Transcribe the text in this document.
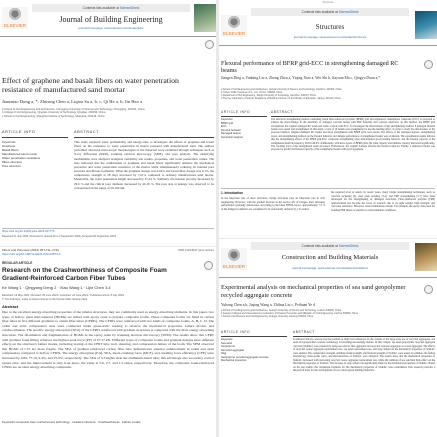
ELSEVIER
Contents lists available at ScienceDirect
Journal of Building Engineering
journal homepage: www.elsevier.com/locate/jobe
Effect of graphene and basalt fibers on water penetration resistance of manufactured sand mortar
Jianmiao Dong a, *, Zhirong Chen a, Liqiao Su a, b, c, Qi He a, b, Jin Hao a
a School of Civil Engineering and Architecture, Chongqing University of Science and Technology, Chongqing, 401331, China
b College of Civil Engineering, Qingdao University of Technology, Qingdao, 266033, China
c School of Civil Engineering, Shanghai Institute of Technology, Shanghai, 201418, China
ARTICLE INFO	ABSTRACT
Keywords:
Graphene
Basalt fibers
Manufactured sand mortar
Water penetration resistance
Micro-structure
Pore structure
This study explored water permeability and energy-ratio to investigate the effects of graphene and basalt fibers on the resistance to water penetration in mortar prepared with manufactured sand. The authors performed structural microscopic morphologies of the materials were examined through techniques such as X-ray diffraction (XRD), scanning electron microscopy (SEM), and pore analysis. The underlying mechanisms were analyzed alongside variability test results, properties, and water penetration values. The tests indicated that the combination of graphene and basalt fibers significantly enhance the mechanical properties and water penetration resistance of the mortar while simultaneously reducing its internal pore structure and fibrous formation. When the graphene dosage was 0.04% and basalt fiber dosage was 0.1%, the compressive strength at 28 days increased by 7.61% compared to ordinary manufactured sand mortar. Meanwhile, the water penetration height decreased by 37.24 %. Similarly, the internal porosity decreased by 29.6 % and the critical pore diameter decreased by 46.19 %. The pore size at leakage was observed to be concentrated in the range of 50-100 nm.
https://doi.org/10.1016/j.jobe.2023.107775
Received 21 July 2023; Received in revised form 3 September 2023; Accepted 20 September 2023
Fibers and Polymers (2024) 25:1711–1720
https://doi.org/10.1007/s12221-024-00574-4
ISSN 1229-9197 (print version)
REGULAR ARTICLE
Research on the Crashworthiness of Composite Foam Gradient-Reinforced Carbon Fiber Tubes
Ke Wang 1 · Qingyang Deng 2 · Xiao Wang 1 · Lijie Chen 3,4
Received: 16 May 2024 / Revised: 25 June 2024 / Accepted: 22 June 2024 / Published online: 8 July 2024
© The Author(s), under exclusive licence to the Korean Fiber Society 2024
Abstract
Due to the excellent energy-absorbing properties of the tubular structures, they are commonly used as energy-absorbing elements. In this paper, two types of hollow glass microspheres (HGMs) are mixed with epoxy resin to prepare composite foams. These composite foams are filled in carbon fiber tubes in five different gradients to obtain fiber tubes (CFRTs). The CFRTs were reinforced with two kinds of composite foams, A, B, C, D. The radial and axial compression tests were conducted under quasi-static loading to observe the mechanical properties, failure modes, and crashworthiness. The specific energy absorption (SEA) of the CFRTs reinforced with gradient structures is compared with the most energy-absorbing structures. The distribution and fragmentation of HGMs in the epoxy resin by scanning electron microscopy (SEM). The results show that CFRT with gradient foam filling achieves the highest peak force (PF) of 67.37 kN. Different types of composite foams and gradient designs have different effects on the structure's failure modes, including tearing of the CFRT tube wall, shearing, and compression failure of the foam. The SEM observed that HGMs of C15 are more fragile. The SEA of gradient reinforced carbon fiber tube demonstrates superior enhancement in radial and axial compression compared to hollow CFRTs. The energy absorption (EA), SEA, mean crushing force (MCF), and crushing force efficiency (CFE) were increased by 9.69, 77.19, 9.4%, and 25.9%, respectively. The SEA of 3.3 higher than the aluminum-metal tube; this advantage also secondary control square tube, and the improvement is only 0.4x more, the value is 5.6, 2.7, and 1.5 times, respectively. Therefore, the composite foam-reinforced CFRTs are an ideal energy-absorbing component.
Keywords Composite foam reinforcement technology · Gradient structure · Crashworthiness · Failure modes
Structures
ELSEVIER
Contents lists available at ScienceDirect
Structures
journal homepage: www.elsevier.com/locate/structures
Flexural performance of BFRP grid-ECC in strengthening damaged RC beams
Jiangen Ding a, Yanbing Liu a, Zheng Zhou a, Yiqing Xiao a, Wei Shi b, Jiayuan Ma c, Qingyu Duan a,*
a School of Civil Engineering and Architecture, Jiangxi University of Science and Technology, Ganzhou, 341000, China
b Yichun Traffic Investment Co., Ltd., Yichun, 336000, China
c Department of Civil Engineering, Jiangxi University of Technology, Ganzhou, 330013, China
d The Key Laboratory of Seismic Resistance of Building Structure of the Ministry of Education, Jiangxi, 341000, China
ARTICLE INFO	ABSTRACT
Keywords:
BFRP grid
ECC
Flexural behavior
Damaged beams
Numerical analysis
The structural strengthening method combining basalt fiber-reinforced polymer (BFRP) grid and engineered cementitious composite (ECC) is proposed to address the shortcomings in the durability of damaged concrete beams with FRP materials and concrete interfaces. In this method, the BFRP grid encapsulates the original damaged RC beam and forms a whole with ECC. To investigate the effectiveness of this strengthening method, 8 damaged flexural beams were tested and strengthened. In this study, a total of 10 beams were strengthened to test the bending effect, in order to study the effectiveness of the proposed method. Original damaged RC beams and those strengthened with BFRP grids were tested. The effects of the damaged degrees, strengthening layers, and strengthening methods on the flexural behavior and damage performance of strengthened beams were evaluated. The experimental results indicate that the strengthening effects of the BFRP grid-ECC composite strengthening layer demonstrated good bending behavior, and the flexural capacity of the strengthened beam increased by 26.6%-49.6%. Additionally, with more layers of BFRP grids, the yield capacity and ultimate capacity improved significantly. The cracking load of the strengthened beam increased. Furthermore, the original damage affected the flexural behavior. Finally, a numerical model was proposed to predict the flexural capacity of the strengthened beams with good agreement.
1. Introduction
In the important part of most structures, bridge structures play an important role in civil engineering. However, with the gradual increase in the service life of bridges, their structural performance gradually deteriorates. According to the latest FHWA report, approximately 7.5 % of the bridges in America are considered to be structurally deficient [1]. To reduce
the required level of safety. In recent years, many bridge strengthening techniques, such as concrete jacketing [2], steel plate bonding [3,4], and FRP strengthening [5-7] have been developed for the strengthening of damaged structures. Fiber-reinforced polymer (FRP) reinforcement has become the focus of research due to its light weight, high strength, and corrosion resistance. However, several limitations remain. For example, the epoxy resin used for bonding FRP sheets is sensitive to environmental conditions.
ELSEVIER
Contents lists available at ScienceDirect
Construction and Building Materials
journal homepage: www.elsevier.com/locate/conbuildmat
Experimental analysis on mechanical properties of sea sand geopolymer recycled aggregate concrete
Yuhong Chen a,b, Jiajing Wang a, Zhihua Liu c, Peihuan Ye d
a School of Civil Engineering and Architecture, Guangxi University of Science and Technology, Liuzhou 545006, China
b Guangxi Colleges and Universities Key Laboratory of Disaster Prevention and Mitigation of Civil Engineering, Liuzhou 545006, China
c School of Architecture and Civil Engineering, Guangxi University, Nanning 530004, China
ARTICLE INFO	ABSTRACT
Keywords:
Sea sand
Geopolymer
Recycled aggregate
Slag
Geopolymer recycled aggregate concrete
Mechanical properties
Traditional silicate concrete has the problem of high CO2 emissions. In the context of the large-scale use of recycled aggregates, sea sand and geopolymer concrete technology is becoming increasingly mature. In this context, sea sand geopolymer recycled aggregate concrete (SGRAC) was prepared by using sea sand as fine aggregate and recycled concrete aggregate as coarse aggregate. The effects of recycled coarse aggregate replacement rate, sea sand replacement rate, and slag content on the mechanical properties of SGRAC were studied. The compressive strength, splitting tensile strength, and flexural strength of SGRAC were tested. In addition, the failure morphology, stress-strain curve, and microstructure of SGRAC were analyzed. The results show that the mechanical properties of SGRAC decreased with increasing recycled coarse aggregate replacement rate, while the addition of sea sand had little effect on the mechanical properties of SGRAC. The increase of slag content can significantly improve the mechanical properties of SGRAC. Based on the test results, the calculation formulas for the mechanical properties of SGRAC were established. This research provides a theoretical basis for the development of low-carbon green building materials.
